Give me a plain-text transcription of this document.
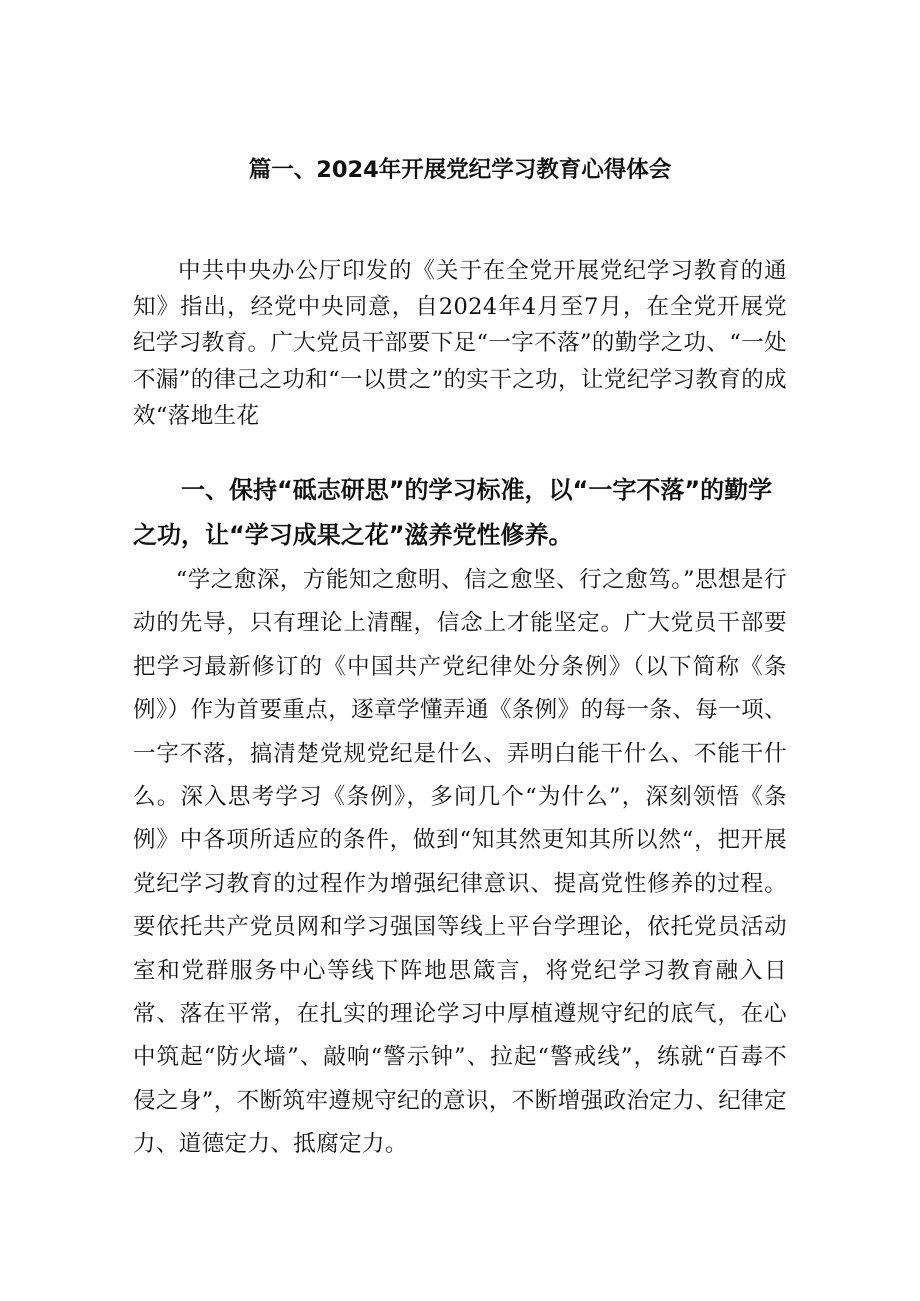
篇一、2024年开展党纪学习教育心得体会

中共中央办公厅印发的《关于在全党开展党纪学习教育的通知》指出，经党中央同意，自2024年4月至7月，在全党开展党纪学习教育。广大党员干部要下足“一字不落”的勤学之功、“一处不漏”的律己之功和“一以贯之”的实干之功，让党纪学习教育的成效“落地生花

一、保持“砥志研思”的学习标准，以“一字不落”的勤学之功，让“学习成果之花”滋养党性修养。

“学之愈深，方能知之愈明、信之愈坚、行之愈笃。”思想是行动的先导，只有理论上清醒，信念上才能坚定。广大党员干部要把学习最新修订的《中国共产党纪律处分条例》（以下简称《条例》）作为首要重点，逐章学懂弄通《条例》的每一条、每一项、一字不落，搞清楚党规党纪是什么、弄明白能干什么、不能干什么。深入思考学习《条例》，多问几个“为什么”，深刻领悟《条例》中各项所适应的条件，做到“知其然更知其所以然“，把开展党纪学习教育的过程作为增强纪律意识、提高党性修养的过程。要依托共产党员网和学习强国等线上平台学理论，依托党员活动室和党群服务中心等线下阵地思箴言，将党纪学习教育融入日常、落在平常，在扎实的理论学习中厚植遵规守纪的底气，在心中筑起“防火墙”、敲响“警示钟”、拉起“警戒线”，练就“百毒不侵之身”，不断筑牢遵规守纪的意识，不断增强政治定力、纪律定力、道德定力、抵腐定力。
